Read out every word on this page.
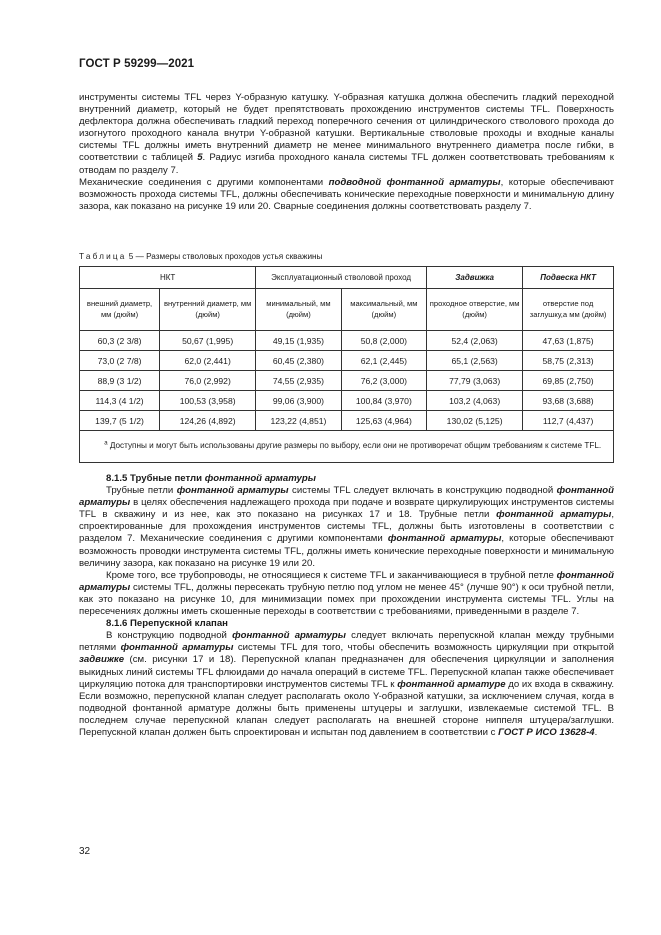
ГОСТ Р 59299—2021

инструменты системы TFL через Y-образную катушку. Y-образная катушка должна обеспечить гладкий переходной внутренний диаметр, который не будет препятствовать прохождению инструментов системы TFL. Поверхность дефлектора должна обеспечивать гладкий переход поперечного сечения от цилиндрического стволового прохода до изогнутого проходного канала внутри Y-образной катушки. Вертикальные стволовые проходы и входные каналы системы TFL должны иметь внутренний диаметр не менее минимального внутреннего диаметра после гибки, в соответствии с таблицей 5. Радиус изгиба проходного канала системы TFL должен соответствовать требованиям к отводам по разделу 7.

Механические соединения с другими компонентами подводной фонтанной арматуры, которые обеспечивают возможность прохода системы TFL, должны обеспечивать конические переходные поверхности и минимальную длину зазора, как показано на рисунке 19 или 20. Сварные соединения должны соответствовать разделу 7.

Таблица 5 — Размеры стволовых проходов устья скважины
НКТ		Эксплуатационный стволовой проход		Задвижка	Подвеска НКТ
внешний диаметр, мм (дюйм)	внутренний диаметр, мм (дюйм)	минимальный, мм (дюйм)	максимальный, мм (дюйм)	проходное отверстие, мм (дюйм)	отверстие под заглушку,а мм (дюйм)
60,3 (2 3/8)	50,67 (1,995)	49,15 (1,935)	50,8 (2,000)	52,4 (2,063)	47,63 (1,875)
73,0 (2 7/8)	62,0 (2,441)	60,45 (2,380)	62,1 (2,445)	65,1 (2,563)	58,75 (2,313)
88,9 (3 1/2)	76,0 (2,992)	74,55 (2,935)	76,2 (3,000)	77,79 (3,063)	69,85 (2,750)
114,3 (4 1/2)	100,53 (3,958)	99,06 (3,900)	100,84 (3,970)	103,2 (4,063)	93,68 (3,688)
139,7 (5 1/2)	124,26 (4,892)	123,22 (4,851)	125,63 (4,964)	130,02 (5,125)	112,7 (4,437)
$^а$ Доступны и могут быть использованы другие размеры по выбору, если они не противоречат общим требованиям к системе TFL.					

8.1.5 Трубные петли фонтанной арматуры

Трубные петли фонтанной арматуры системы TFL следует включать в конструкцию подводной фонтанной арматуры в целях обеспечения надлежащего прохода при подаче и возврате циркулирующих инструментов системы TFL в скважину и из нее, как это показано на рисунках 17 и 18. Трубные петли фонтанной арматуры, спроектированные для прохождения инструментов системы TFL, должны быть изготовлены в соответствии с разделом 7. Механические соединения с другими компонентами фонтанной арматуры, которые обеспечивают возможность проводки инструмента системы TFL, должны иметь конические переходные поверхности и минимальную величину зазора, как показано на рисунке 19 или 20.

Кроме того, все трубопроводы, не относящиеся к системе TFL и заканчивающиеся в трубной петле фонтанной арматуры системы TFL, должны пересекать трубную петлю под углом не менее 45° (лучше 90°) к оси трубной петли, как это показано на рисунке 10, для минимизации помех при прохождении инструмента системы TFL. Углы на пересечениях должны иметь скошенные переходы в соответствии с требованиями, приведенными в разделе 7.

8.1.6 Перепускной клапан

В конструкцию подводной фонтанной арматуры следует включать перепускной клапан между трубными петлями фонтанной арматуры системы TFL для того, чтобы обеспечить возможность циркуляции при открытой задвижке (см. рисунки 17 и 18). Перепускной клапан предназначен для обеспечения циркуляции и заполнения выкидных линий системы TFL флюидами до начала операций в системе TFL. Перепускной клапан также обеспечивает циркуляцию потока для транспортировки инструментов системы TFL к фонтанной арматуре до их входа в скважину. Если возможно, перепускной клапан следует располагать около Y-образной катушки, за исключением случая, когда в подводной фонтанной арматуре должны быть применены штуцеры и заглушки, извлекаемые системой TFL. В последнем случае перепускной клапан следует располагать на внешней стороне ниппеля штуцера/заглушки. Перепускной клапан должен быть спроектирован и испытан под давлением в соответствии с ГОСТ Р ИСО 13628-4.

32
